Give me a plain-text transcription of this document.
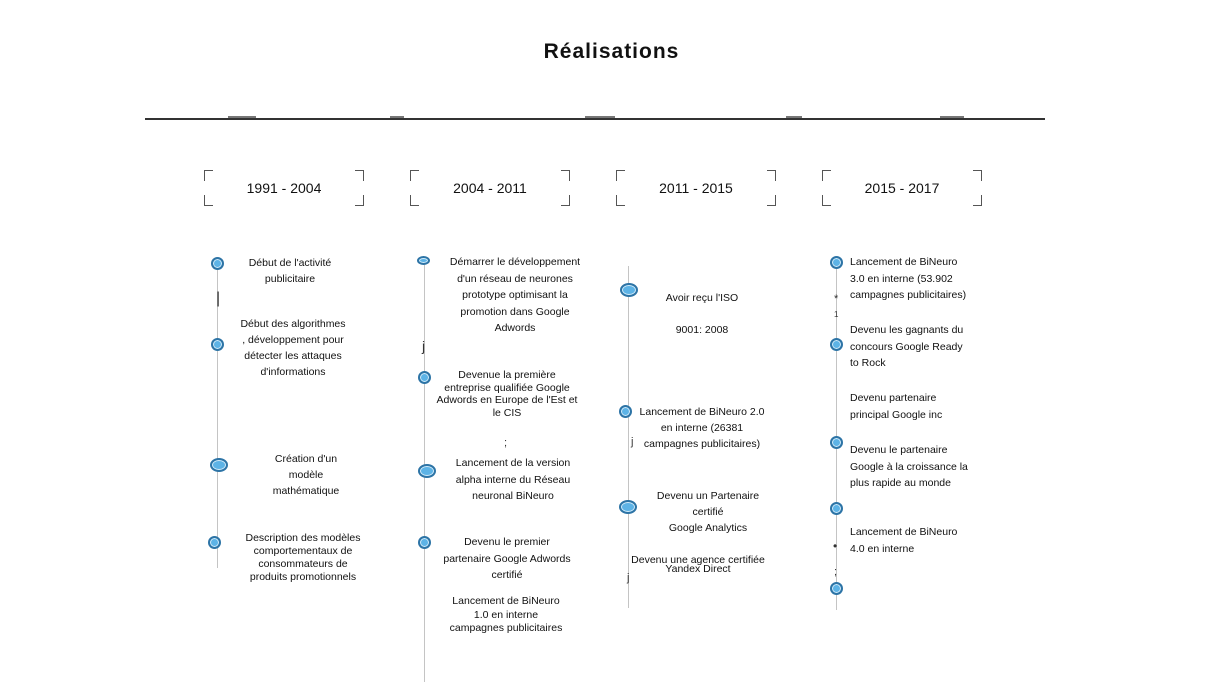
Réalisations
1991 - 2004	2004 - 2011	2011 - 2015	2015 - 2017
Début de l'activité
publicitaire
|
Début des algorithmes
, développement pour
détecter les attaques
d'informations
Création d'un
modèle
mathématique
Description des modèles
comportementaux de
consommateurs de
produits promotionnels
Démarrer le développement
d'un réseau de neurones
prototype optimisant la
promotion dans Google
Adwords
j
Devenue la première
entreprise qualifiée Google
Adwords en Europe de l'Est et
le CIS
;
Lancement de la version
alpha interne du Réseau
neuronal BiNeuro
Devenu le premier
partenaire Google Adwords
certifié
Lancement de BiNeuro
1.0 en interne
campagnes publicitaires
Avoir reçu l'ISO

9001: 2008
Lancement de BiNeuro 2.0
en interne (26381
campagnes publicitaires)
j
Devenu un Partenaire
certifié
Google Analytics
Devenu une agence certifiée
Yandex Direct
j
Lancement de BiNeuro
3.0 en interne (53.902
campagnes publicitaires)
*
1
Devenu les gagnants du
concours Google Ready
to Rock
Devenu partenaire
principal Google inc
Devenu le partenaire
Google à la croissance la
plus rapide au monde
Lancement de BiNeuro
4.0 en interne
•
;
